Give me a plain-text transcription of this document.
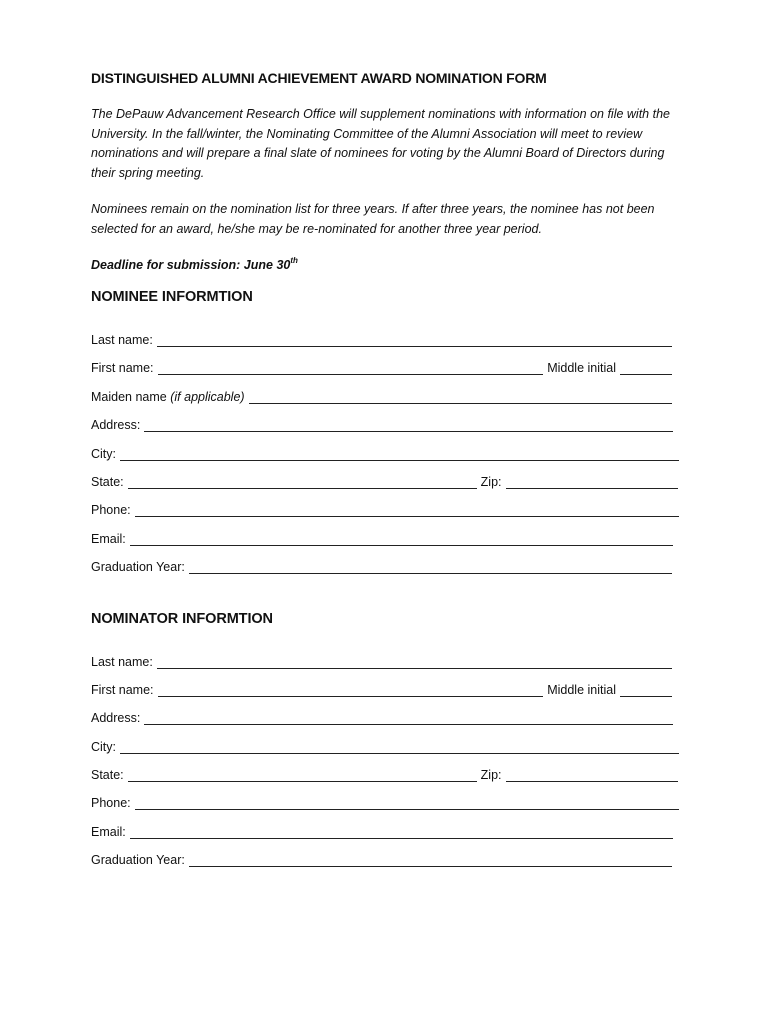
DISTINGUISHED ALUMNI ACHIEVEMENT AWARD NOMINATION FORM

The DePauw Advancement Research Office will supplement nominations with information on file with the University. In the fall/winter, the Nominating Committee of the Alumni Association will meet to review nominations and will prepare a final slate of nominees for voting by the Alumni Board of Directors during their spring meeting.

Nominees remain on the nomination list for three years. If after three years, the nominee has not been selected for an award, he/she may be re-nominated for another three year period.

Deadline for submission: June 30th

NOMINEE INFORMTION
Last name:
First name:	Middle initial
Maiden name (if applicable)
Address:
City:
State:	Zip:
Phone:
Email:
Graduation Year:
NOMINATOR INFORMTION
Last name:
First name:	Middle initial
Address:
City:
State:	Zip:
Phone:
Email:
Graduation Year:
